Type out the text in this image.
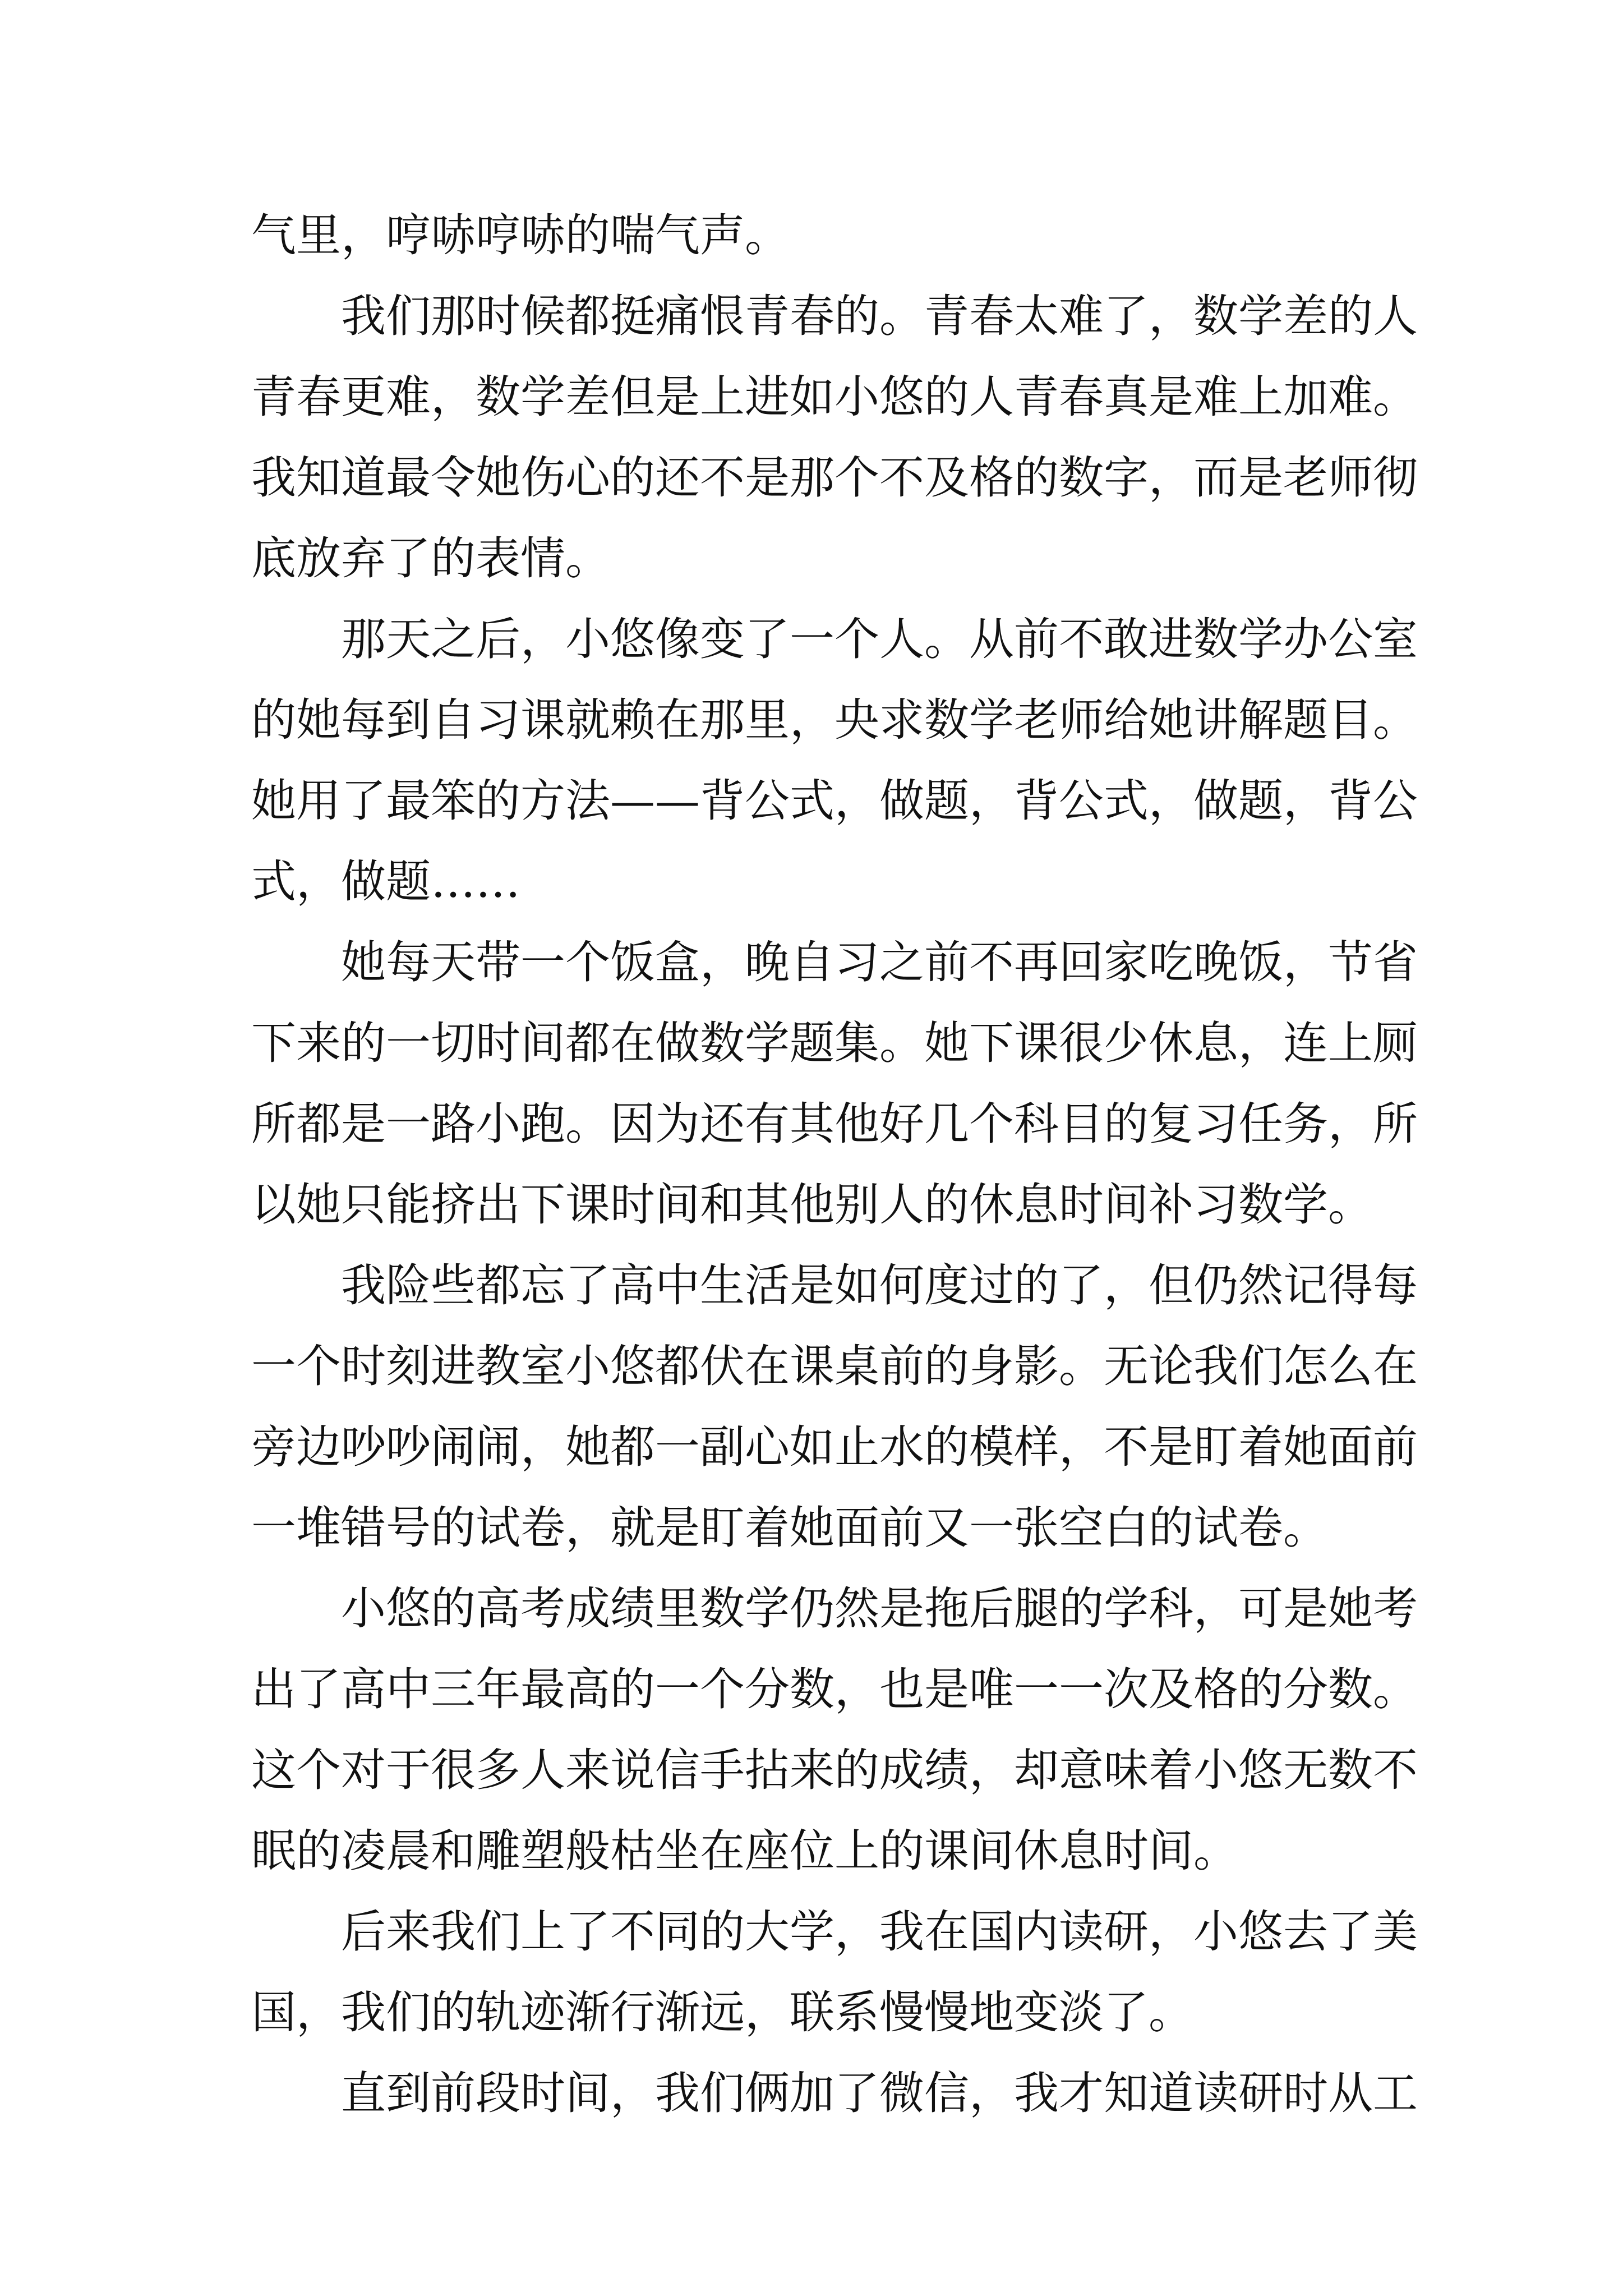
气里，哼哧哼哧的喘气声。
我们那时候都挺痛恨青春的。青春太难了，数学差的人
青春更难，数学差但是上进如小悠的人青春真是难上加难。
我知道最令她伤心的还不是那个不及格的数字，而是老师彻
底放弃了的表情。
那天之后，小悠像变了一个人。从前不敢进数学办公室
的她每到自习课就赖在那里，央求数学老师给她讲解题目。
她用了最笨的方法——背公式，做题，背公式，做题，背公
式，做题……
她每天带一个饭盒，晚自习之前不再回家吃晚饭，节省
下来的一切时间都在做数学题集。她下课很少休息，连上厕
所都是一路小跑。因为还有其他好几个科目的复习任务，所
以她只能挤出下课时间和其他别人的休息时间补习数学。
我险些都忘了高中生活是如何度过的了，但仍然记得每
一个时刻进教室小悠都伏在课桌前的身影。无论我们怎么在
旁边吵吵闹闹，她都一副心如止水的模样，不是盯着她面前
一堆错号的试卷，就是盯着她面前又一张空白的试卷。
小悠的高考成绩里数学仍然是拖后腿的学科，可是她考
出了高中三年最高的一个分数，也是唯一一次及格的分数。
这个对于很多人来说信手拈来的成绩，却意味着小悠无数不
眠的凌晨和雕塑般枯坐在座位上的课间休息时间。
后来我们上了不同的大学，我在国内读研，小悠去了美
国，我们的轨迹渐行渐远，联系慢慢地变淡了。
直到前段时间，我们俩加了微信，我才知道读研时从工
